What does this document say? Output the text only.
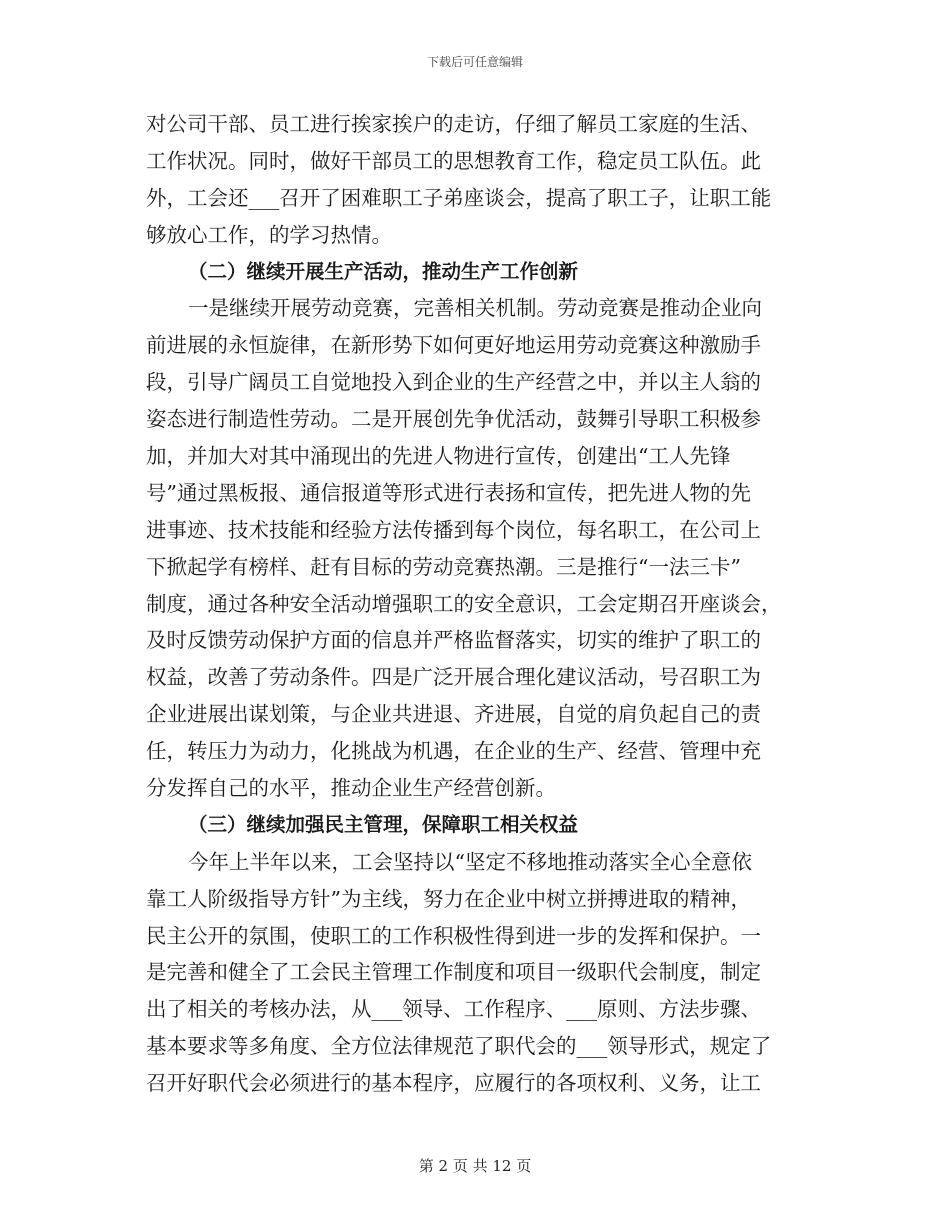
下载后可任意编辑
对公司干部、员工进行挨家挨户的走访，仔细了解员工家庭的生活、
工作状况。同时，做好干部员工的思想教育工作，稳定员工队伍。此
外，工会还___召开了困难职工子弟座谈会，提高了职工子，让职工能
够放心工作，的学习热情。
（二）继续开展生产活动，推动生产工作创新
一是继续开展劳动竞赛，完善相关机制。劳动竞赛是推动企业向
前进展的永恒旋律，在新形势下如何更好地运用劳动竞赛这种激励手
段，引导广阔员工自觉地投入到企业的生产经营之中，并以主人翁的
姿态进行制造性劳动。二是开展创先争优活动，鼓舞引导职工积极参
加，并加大对其中涌现出的先进人物进行宣传，创建出“工人先锋
号”通过黑板报、通信报道等形式进行表扬和宣传，把先进人物的先
进事迹、技术技能和经验方法传播到每个岗位，每名职工，在公司上
下掀起学有榜样、赶有目标的劳动竞赛热潮。三是推行“一法三卡”
制度，通过各种安全活动增强职工的安全意识，工会定期召开座谈会，
及时反馈劳动保护方面的信息并严格监督落实，切实的维护了职工的
权益，改善了劳动条件。四是广泛开展合理化建议活动，号召职工为
企业进展出谋划策，与企业共进退、齐进展，自觉的肩负起自己的责
任，转压力为动力，化挑战为机遇，在企业的生产、经营、管理中充
分发挥自己的水平，推动企业生产经营创新。
（三）继续加强民主管理，保障职工相关权益
今年上半年以来，工会坚持以“坚定不移地推动落实全心全意依
靠工人阶级指导方针”为主线，努力在企业中树立拼搏进取的精神，
民主公开的氛围，使职工的工作积极性得到进一步的发挥和保护。一
是完善和健全了工会民主管理工作制度和项目一级职代会制度，制定
出了相关的考核办法，从___领导、工作程序、___原则、方法步骤、
基本要求等多角度、全方位法律规范了职代会的___领导形式，规定了
召开好职代会必须进行的基本程序，应履行的各项权利、义务，让工
第 2 页 共 12 页
